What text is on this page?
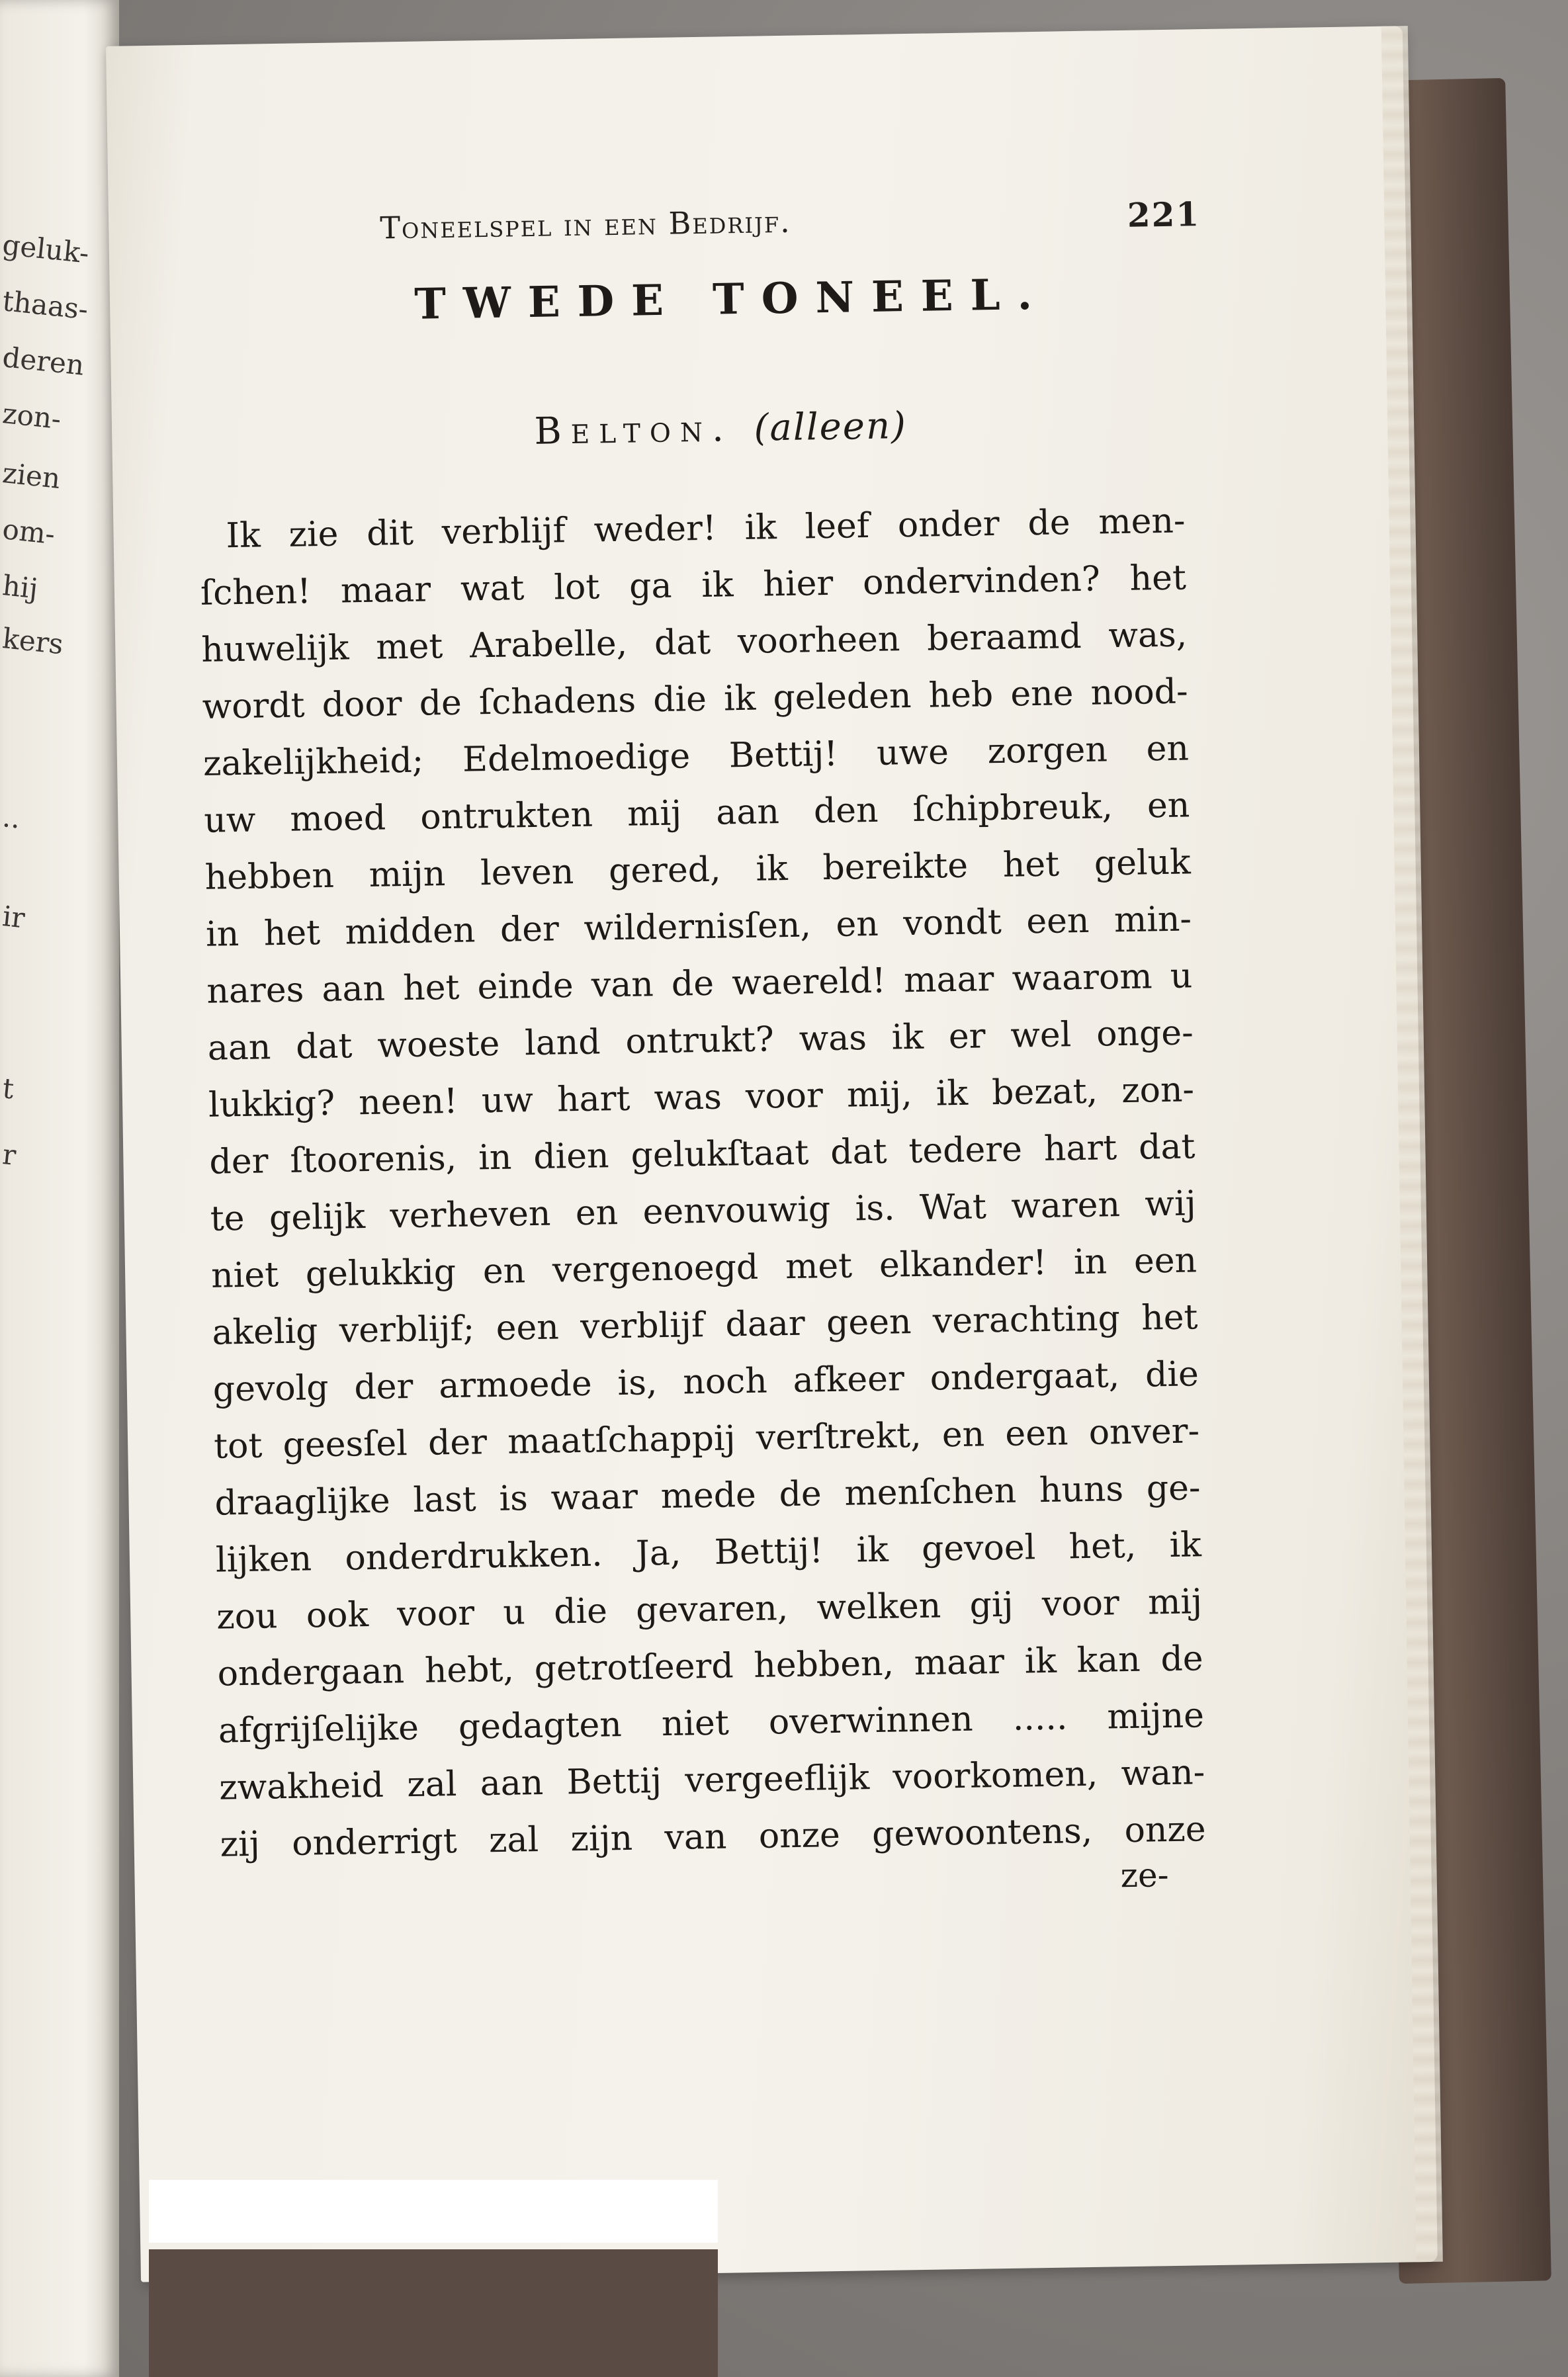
geluk-
thaas-
deren
zon-
zien
om-
hij
kers
..
ir
t
r
Toneelspel in een Bedrijf.	221
TWEDE TONEEL.
Belton. (alleen)
Ik zie dit verblijf weder! ik leef onder de men-
ſchen! maar wat lot ga ik hier ondervinden? het
huwelijk met Arabelle, dat voorheen beraamd was,
wordt door de ſchadens die ik geleden heb ene nood-
zakelijkheid; Edelmoedige Bettij! uwe zorgen en
uw moed ontrukten mij aan den ſchipbreuk, en
hebben mijn leven gered, ik bereikte het geluk
in het midden der wildernisſen, en vondt een min-
nares aan het einde van de waereld! maar waarom u
aan dat woeste land ontrukt? was ik er wel onge-
lukkig? neen! uw hart was voor mij, ik bezat, zon-
der ſtoorenis, in dien gelukſtaat dat tedere hart dat
te gelijk verheven en eenvouwig is. Wat waren wij
niet gelukkig en vergenoegd met elkander! in een
akelig verblijf; een verblijf daar geen verachting het
gevolg der armoede is, noch afkeer ondergaat, die
tot geesſel der maatſchappij verſtrekt, en een onver-
draaglijke last is waar mede de menſchen huns ge-
lijken onderdrukken. Ja, Bettij! ik gevoel het, ik
zou ook voor u die gevaren, welken gij voor mij
ondergaan hebt, getrotſeerd hebben, maar ik kan de
afgrijſelijke gedagten niet overwinnen ..... mijne
zwakheid zal aan Bettij vergeeflijk voorkomen, wan-
zij onderrigt zal zijn van onze gewoontens, onze
ze-
